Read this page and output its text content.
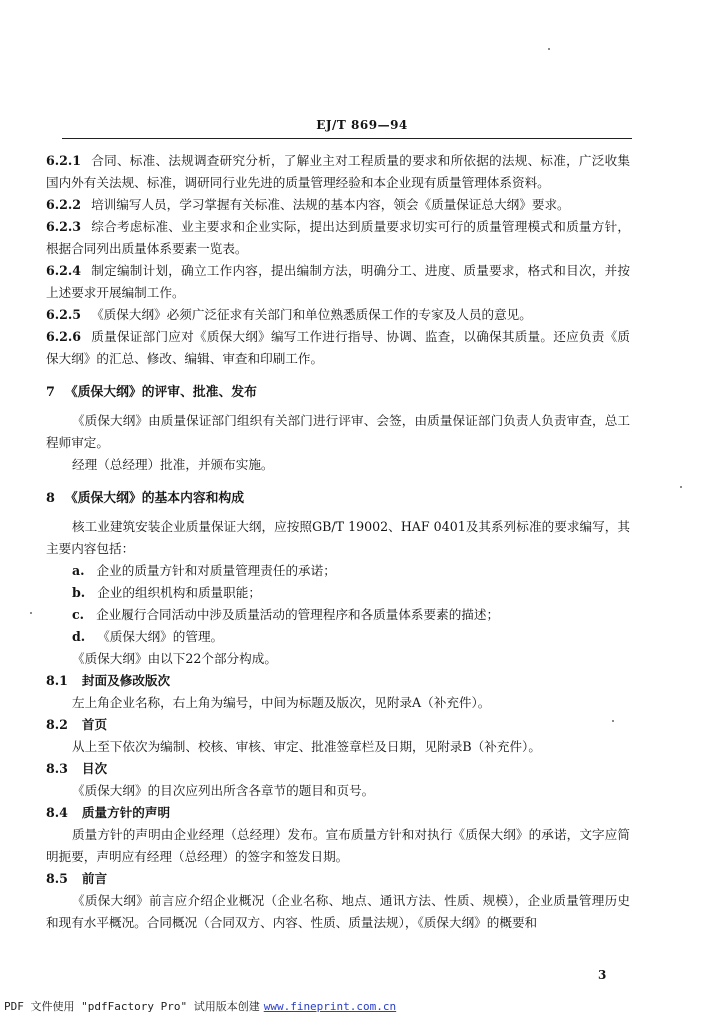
EJ/T 869—94

6.2.1 合同、标准、法规调查研究分析，了解业主对工程质量的要求和所依据的法规、标准，广泛收集国内外有关法规、标准，调研同行业先进的质量管理经验和本企业现有质量管理体系资料。

6.2.2 培训编写人员，学习掌握有关标准、法规的基本内容，领会《质量保证总大纲》要求。

6.2.3 综合考虑标准、业主要求和企业实际，提出达到质量要求切实可行的质量管理模式和质量方针，根据合同列出质量体系要素一览表。

6.2.4 制定编制计划，确立工作内容，提出编制方法，明确分工、进度、质量要求，格式和目次，并按上述要求开展编制工作。

6.2.5 《质保大纲》必须广泛征求有关部门和单位熟悉质保工作的专家及人员的意见。

6.2.6 质量保证部门应对《质保大纲》编写工作进行指导、协调、监查，以确保其质量。还应负责《质保大纲》的汇总、修改、编辑、审查和印刷工作。

7 《质保大纲》的评审、批准、发布

《质保大纲》由质量保证部门组织有关部门进行评审、会签，由质量保证部门负责人负责审查，总工程师审定。

经理（总经理）批准，并颁布实施。

8 《质保大纲》的基本内容和构成

核工业建筑安装企业质量保证大纲，应按照GB/T 19002、HAF 0401及其系列标准的要求编写，其主要内容包括：

a. 企业的质量方针和对质量管理责任的承诺；

b. 企业的组织机构和质量职能；

c. 企业履行合同活动中涉及质量活动的管理程序和各质量体系要素的描述；

d. 《质保大纲》的管理。

《质保大纲》由以下22个部分构成。

8.1 封面及修改版次

左上角企业名称，右上角为编号，中间为标题及版次，见附录A（补充件）。

8.2 首页

从上至下依次为编制、校核、审核、审定、批准签章栏及日期，见附录B（补充件）。

8.3 目次

《质保大纲》的目次应列出所含各章节的题目和页号。

8.4 质量方针的声明

质量方针的声明由企业经理（总经理）发布。宣布质量方针和对执行《质保大纲》的承诺，文字应简明扼要，声明应有经理（总经理）的签字和签发日期。

8.5 前言

《质保大纲》前言应介绍企业概况（企业名称、地点、通讯方法、性质、规模），企业质量管理历史和现有水平概况。合同概况（合同双方、内容、性质、质量法规），《质保大纲》的概要和

3
PDF 文件使用 "pdfFactory Pro" 试用版本创建 www.fineprint.com.cn
